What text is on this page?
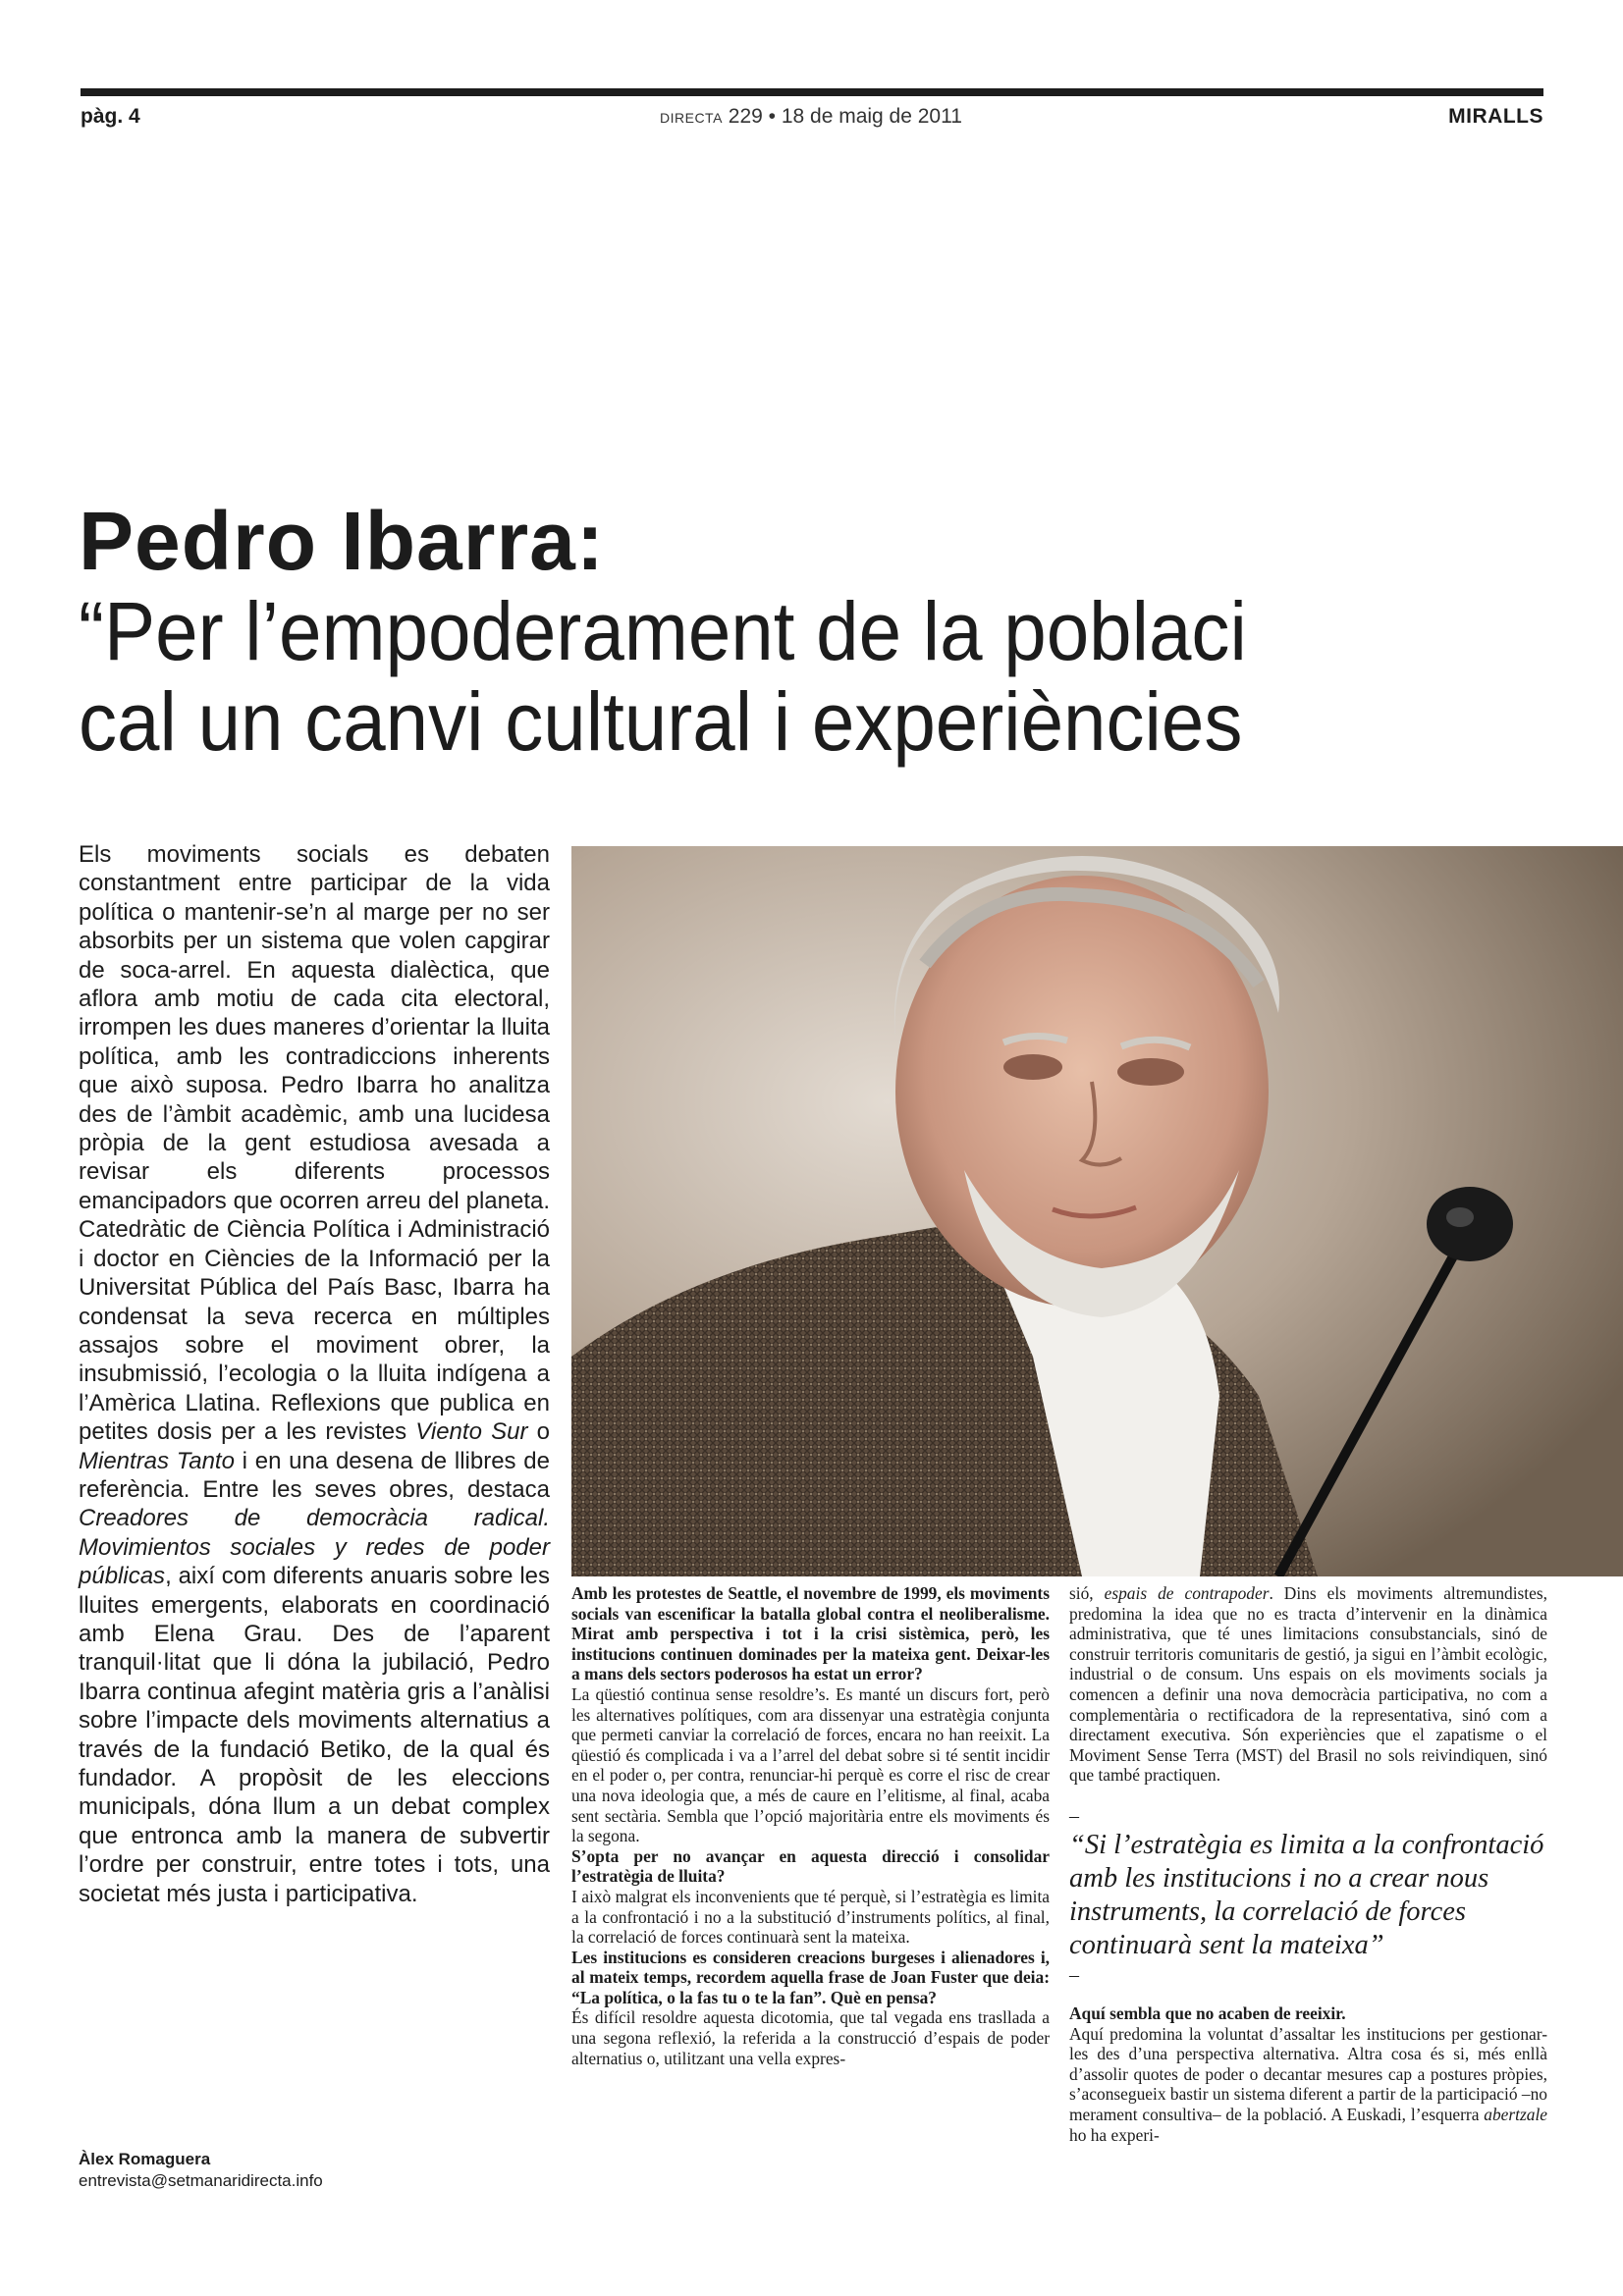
pàg. 4	DIRECTA 229 • 18 de maig de 2011	MIRALLS
Pedro Ibarra:
“Per l’empoderament de la poblaci
cal un canvi cultural i experiències

Els moviments socials es debaten constantment entre participar de la vida política o mantenir-se’n al marge per no ser absorbits per un sistema que volen capgirar de soca-arrel. En aquesta dialèctica, que aflora amb motiu de cada cita electoral, irrompen les dues maneres d’orientar la lluita política, amb les contradiccions inherents que això suposa. Pedro Ibarra ho analitza des de l’àmbit acadèmic, amb una lucidesa pròpia de la gent estudiosa avesada a revisar els diferents processos emancipadors que ocorren arreu del planeta. Catedràtic de Ciència Política i Administració i doctor en Ciències de la Informació per la Universitat Pública del País Basc, Ibarra ha condensat la seva recerca en múltiples assajos sobre el moviment obrer, la insubmissió, l’ecologia o la lluita indígena a l’Amèrica Llatina. Reflexions que publica en petites dosis per a les revistes Viento Sur o Mientras Tanto i en una desena de llibres de referència. Entre les seves obres, destaca Creadores de democràcia radical. Movimientos sociales y redes de poder públicas, així com diferents anuaris sobre les lluites emergents, elaborats en coordinació amb Elena Grau. Des de l’aparent tranquil·litat que li dóna la jubilació, Pedro Ibarra continua afegint matèria gris a l’anàlisi sobre l’impacte dels moviments alternatius a través de la fundació Betiko, de la qual és fundador. A propòsit de les eleccions municipals, dóna llum a un debat complex que entronca amb la manera de subvertir l’ordre per construir, entre totes i tots, una societat més justa i participativa.

Àlex Romaguera
entrevista@setmanaridirecta.info

Amb les protestes de Seattle, el novembre de 1999, els moviments socials van escenificar la batalla global contra el neoliberalisme. Mirat amb perspectiva i tot i la crisi sistèmica, però, les institucions continuen dominades per la mateixa gent. Deixar-les a mans dels sectors poderosos ha estat un error?

La qüestió continua sense resoldre’s. Es manté un discurs fort, però les alternatives polítiques, com ara dissenyar una estratègia conjunta que permeti canviar la correlació de forces, encara no han reeixit. La qüestió és complicada i va a l’arrel del debat sobre si té sentit incidir en el poder o, per contra, renunciar-hi perquè es corre el risc de crear una nova ideologia que, a més de caure en l’elitisme, al final, acaba sent sectària. Sembla que l’opció majoritària entre els moviments és la segona.

S’opta per no avançar en aquesta direcció i consolidar l’estratègia de lluita?

I això malgrat els inconvenients que té perquè, si l’estratègia es limita a la confrontació i no a la substitució d’instruments polítics, al final, la correlació de forces continuarà sent la mateixa.

Les institucions es consideren creacions burgeses i alienadores i, al mateix temps, recordem aquella frase de Joan Fuster que deia: “La política, o la fas tu o te la fan”. Què en pensa?

És difícil resoldre aquesta dicotomia, que tal vegada ens trasllada a una segona reflexió, la referida a la construcció d’espais de poder alternatius o, utilitzant una vella expres-

sió, espais de contrapoder. Dins els moviments altremundistes, predomina la idea que no es tracta d’intervenir en la dinàmica administrativa, que té unes limitacions consubstancials, sinó de construir territoris comunitaris de gestió, ja sigui en l’àmbit ecològic, industrial o de consum. Uns espais on els moviments socials ja comencen a definir una nova democràcia participativa, no com a complementària o rectificadora de la representativa, sinó com a directament executiva. Són experiències que el zapatisme o el Moviment Sense Terra (MST) del Brasil no sols reivindiquen, sinó que també practiquen.

–

“Si l’estratègia es limita a la confrontació amb les institucions i no a crear nous instruments, la correlació de forces continuarà sent la mateixa”

–

Aquí sembla que no acaben de reeixir.

Aquí predomina la voluntat d’assaltar les institucions per gestionar-les des d’una perspectiva alternativa. Altra cosa és si, més enllà d’assolir quotes de poder o decantar mesures cap a postures pròpies, s’aconsegueix bastir un sistema diferent a partir de la participació –no merament consultiva– de la població. A Euskadi, l’esquerra abertzale ho ha experi-
